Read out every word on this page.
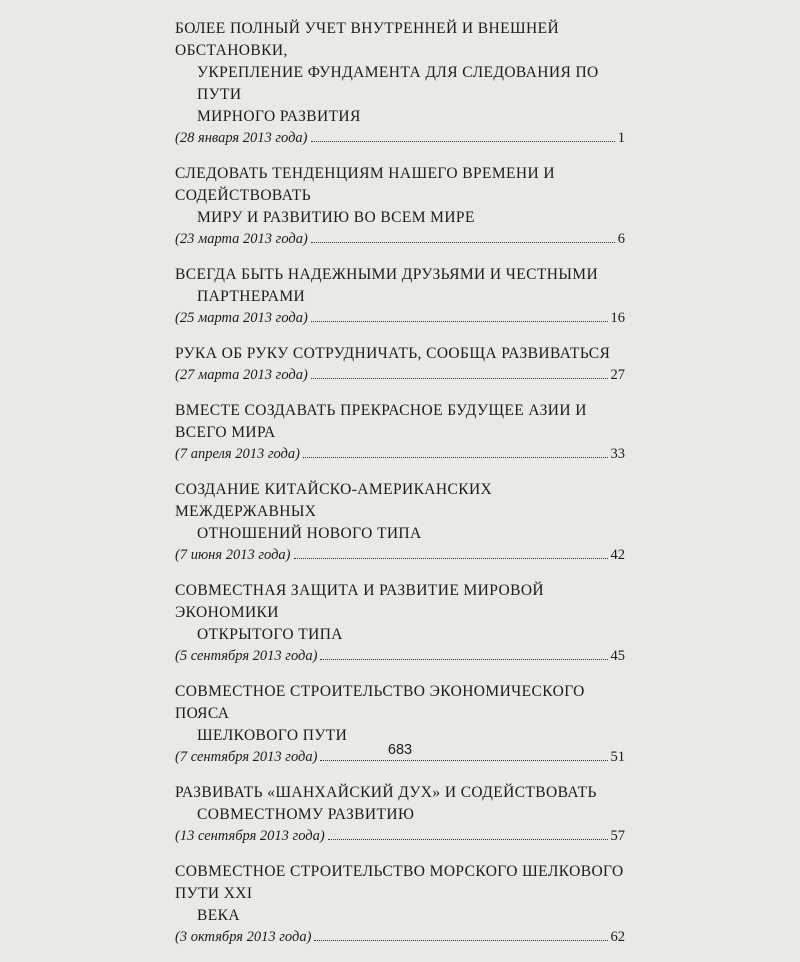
БОЛЕЕ ПОЛНЫЙ УЧЕТ ВНУТРЕННЕЙ И ВНЕШНЕЙ ОБСТАНОВКИ,

УКРЕПЛЕНИЕ ФУНДАМЕНТА ДЛЯ СЛЕДОВАНИЯ ПО ПУТИ
МИРНОГО РАЗВИТИЯ
(28 января 2013 года)	1
СЛЕДОВАТЬ ТЕНДЕНЦИЯМ НАШЕГО ВРЕМЕНИ И СОДЕЙСТВОВАТЬ

МИРУ И РАЗВИТИЮ ВО ВСЕМ МИРЕ
(23 марта 2013 года)	6
ВСЕГДА БЫТЬ НАДЕЖНЫМИ ДРУЗЬЯМИ И ЧЕСТНЫМИ

ПАРТНЕРАМИ
(25 марта 2013 года)	16
РУКА ОБ РУКУ СОТРУДНИЧАТЬ, СООБЩА РАЗВИВАТЬСЯ
(27 марта 2013 года)	27
ВМЕСТЕ СОЗДАВАТЬ ПРЕКРАСНОЕ БУДУЩЕЕ АЗИИ И ВСЕГО МИРА
(7 апреля 2013 года)	33
СОЗДАНИЕ КИТАЙСКО-АМЕРИКАНСКИХ МЕЖДЕРЖАВНЫХ

ОТНОШЕНИЙ НОВОГО ТИПА
(7 июня 2013 года)	42
СОВМЕСТНАЯ ЗАЩИТА И РАЗВИТИЕ МИРОВОЙ ЭКОНОМИКИ

ОТКРЫТОГО ТИПА
(5 сентября 2013 года)	45
СОВМЕСТНОЕ СТРОИТЕЛЬСТВО ЭКОНОМИЧЕСКОГО ПОЯСА

ШЕЛКОВОГО ПУТИ
(7 сентября 2013 года)	51
РАЗВИВАТЬ «ШАНХАЙСКИЙ ДУХ» И СОДЕЙСТВОВАТЬ

СОВМЕСТНОМУ РАЗВИТИЮ
(13 сентября 2013 года)	57
СОВМЕСТНОЕ СТРОИТЕЛЬСТВО МОРСКОГО ШЕЛКОВОГО ПУТИ XXI

ВЕКА
(3 октября 2013 года)	62
683
